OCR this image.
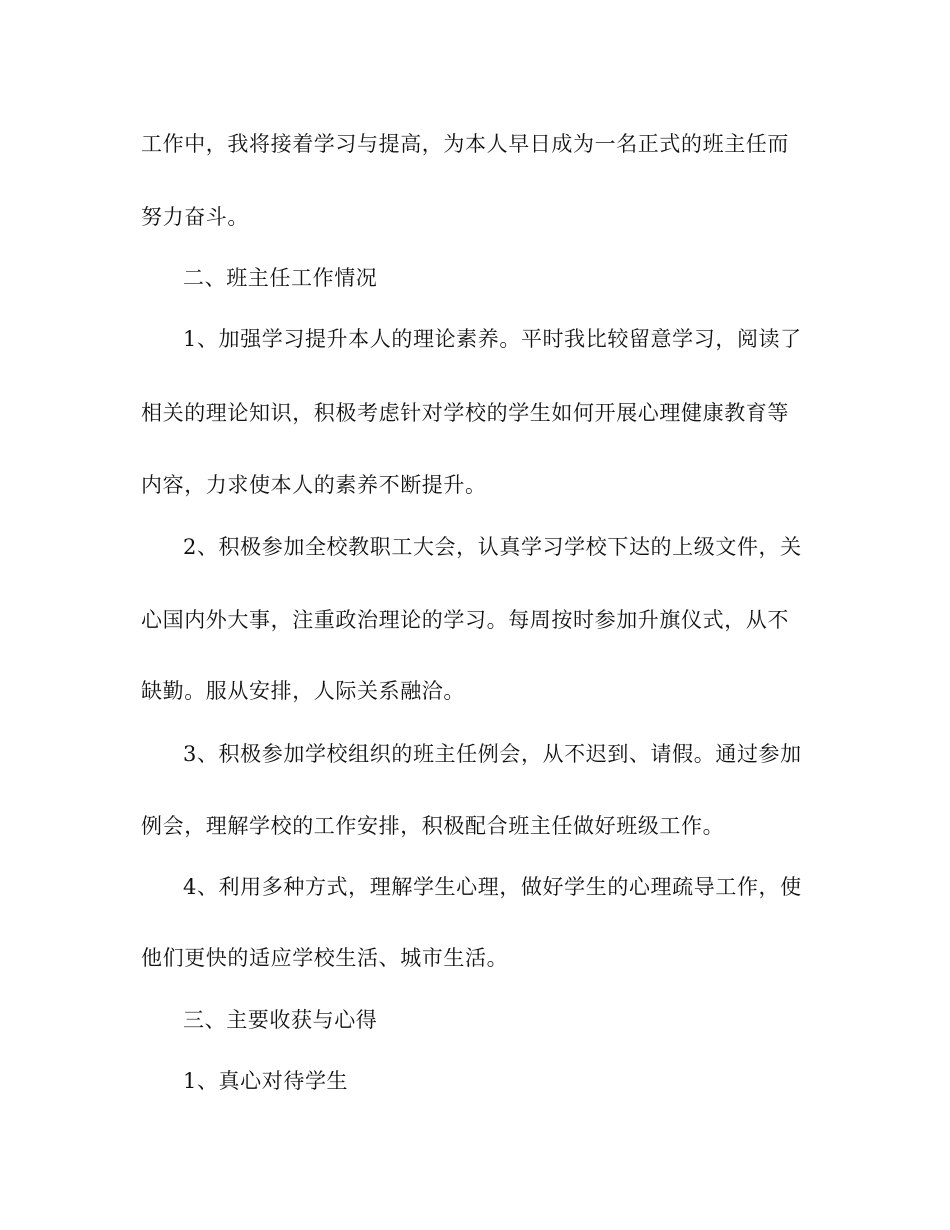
工作中，我将接着学习与提高，为本人早日成为一名正式的班主任而
努力奋斗。
二、班主任工作情况
1、加强学习提升本人的理论素养。平时我比较留意学习，阅读了
相关的理论知识，积极考虑针对学校的学生如何开展心理健康教育等
内容，力求使本人的素养不断提升。
2、积极参加全校教职工大会，认真学习学校下达的上级文件，关
心国内外大事，注重政治理论的学习。每周按时参加升旗仪式，从不
缺勤。服从安排，人际关系融洽。
3、积极参加学校组织的班主任例会，从不迟到、请假。通过参加
例会，理解学校的工作安排，积极配合班主任做好班级工作。
4、利用多种方式，理解学生心理，做好学生的心理疏导工作，使
他们更快的适应学校生活、城市生活。
三、主要收获与心得
1、真心对待学生
